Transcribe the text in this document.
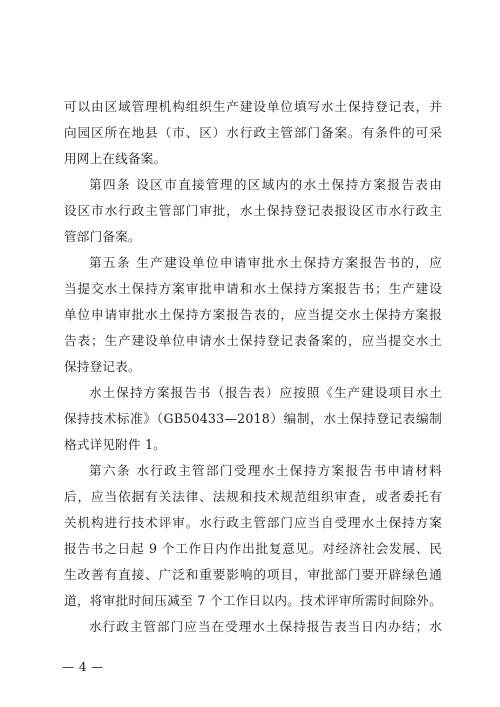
可以由区域管理机构组织生产建设单位填写水土保持登记表，并
向园区所在地县（市、区）水行政主管部门备案。有条件的可采
用网上在线备案。
第四条 设区市直接管理的区域内的水土保持方案报告表由
设区市水行政主管部门审批，水土保持登记表报设区市水行政主
管部门备案。
第五条 生产建设单位申请审批水土保持方案报告书的，应
当提交水土保持方案审批申请和水土保持方案报告书；生产建设
单位申请审批水土保持方案报告表的，应当提交水土保持方案报
告表；生产建设单位申请水土保持登记表备案的，应当提交水土
保持登记表。
水土保持方案报告书（报告表）应按照《生产建设项目水土
保持技术标准》（GB50433—2018）编制，水土保持登记表编制
格式详见附件 1。
第六条 水行政主管部门受理水土保持方案报告书申请材料
后，应当依据有关法律、法规和技术规范组织审查，或者委托有
关机构进行技术评审。水行政主管部门应当自受理水土保持方案
报告书之日起 9 个工作日内作出批复意见。对经济社会发展、民
生改善有直接、广泛和重要影响的项目，审批部门要开辟绿色通
道，将审批时间压减至 7 个工作日以内。技术评审所需时间除外。
水行政主管部门应当在受理水土保持报告表当日内办结；水
— 4 —
